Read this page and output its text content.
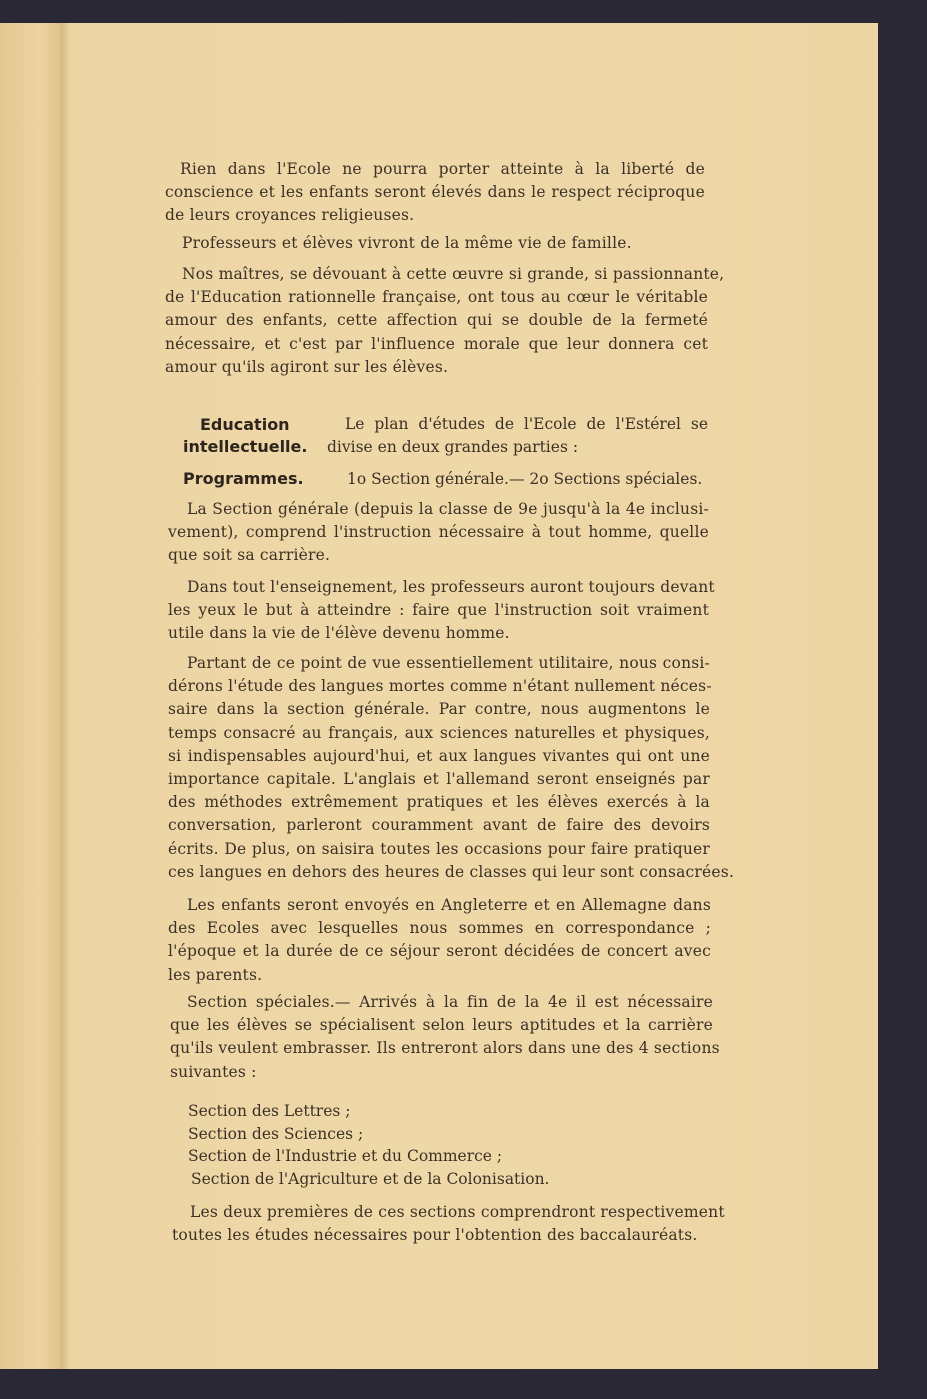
Rien dans l'Ecole ne pourra porter atteinte à la liberté de
conscience et les enfants seront élevés dans le respect réciproque
de leurs croyances religieuses.
Professeurs et élèves vivront de la même vie de famille.
Nos maîtres, se dévouant à cette œuvre si grande, si passionnante,
de l'Education rationnelle française, ont tous au cœur le véritable
amour des enfants, cette affection qui se double de la fermeté
nécessaire, et c'est par l'influence morale que leur donnera cet
amour qu'ils agiront sur les élèves.
Education
intellectuelle.
Le plan d'études de l'Ecole de l'Estérel se
divise en deux grandes parties :
Programmes.	1o Section générale.— 2o Sections spéciales.
La Section générale (depuis la classe de 9e jusqu'à la 4e inclusi-
vement), comprend l'instruction nécessaire à tout homme, quelle
que soit sa carrière.
Dans tout l'enseignement, les professeurs auront toujours devant
les yeux le but à atteindre : faire que l'instruction soit vraiment
utile dans la vie de l'élève devenu homme.
Partant de ce point de vue essentiellement utilitaire, nous consi-
dérons l'étude des langues mortes comme n'étant nullement néces-
saire dans la section générale. Par contre, nous augmentons le
temps consacré au français, aux sciences naturelles et physiques,
si indispensables aujourd'hui, et aux langues vivantes qui ont une
importance capitale. L'anglais et l'allemand seront enseignés par
des méthodes extrêmement pratiques et les élèves exercés à la
conversation, parleront couramment avant de faire des devoirs
écrits. De plus, on saisira toutes les occasions pour faire pratiquer
ces langues en dehors des heures de classes qui leur sont consacrées.
Les enfants seront envoyés en Angleterre et en Allemagne dans
des Ecoles avec lesquelles nous sommes en correspondance ;
l'époque et la durée de ce séjour seront décidées de concert avec
les parents.
Section spéciales.— Arrivés à la fin de la 4e il est nécessaire
que les élèves se spécialisent selon leurs aptitudes et la carrière
qu'ils veulent embrasser. Ils entreront alors dans une des 4 sections
suivantes :
Section des Lettres ;
Section des Sciences ;
Section de l'Industrie et du Commerce ;
Section de l'Agriculture et de la Colonisation.
Les deux premières de ces sections comprendront respectivement
toutes les études nécessaires pour l'obtention des baccalauréats.
